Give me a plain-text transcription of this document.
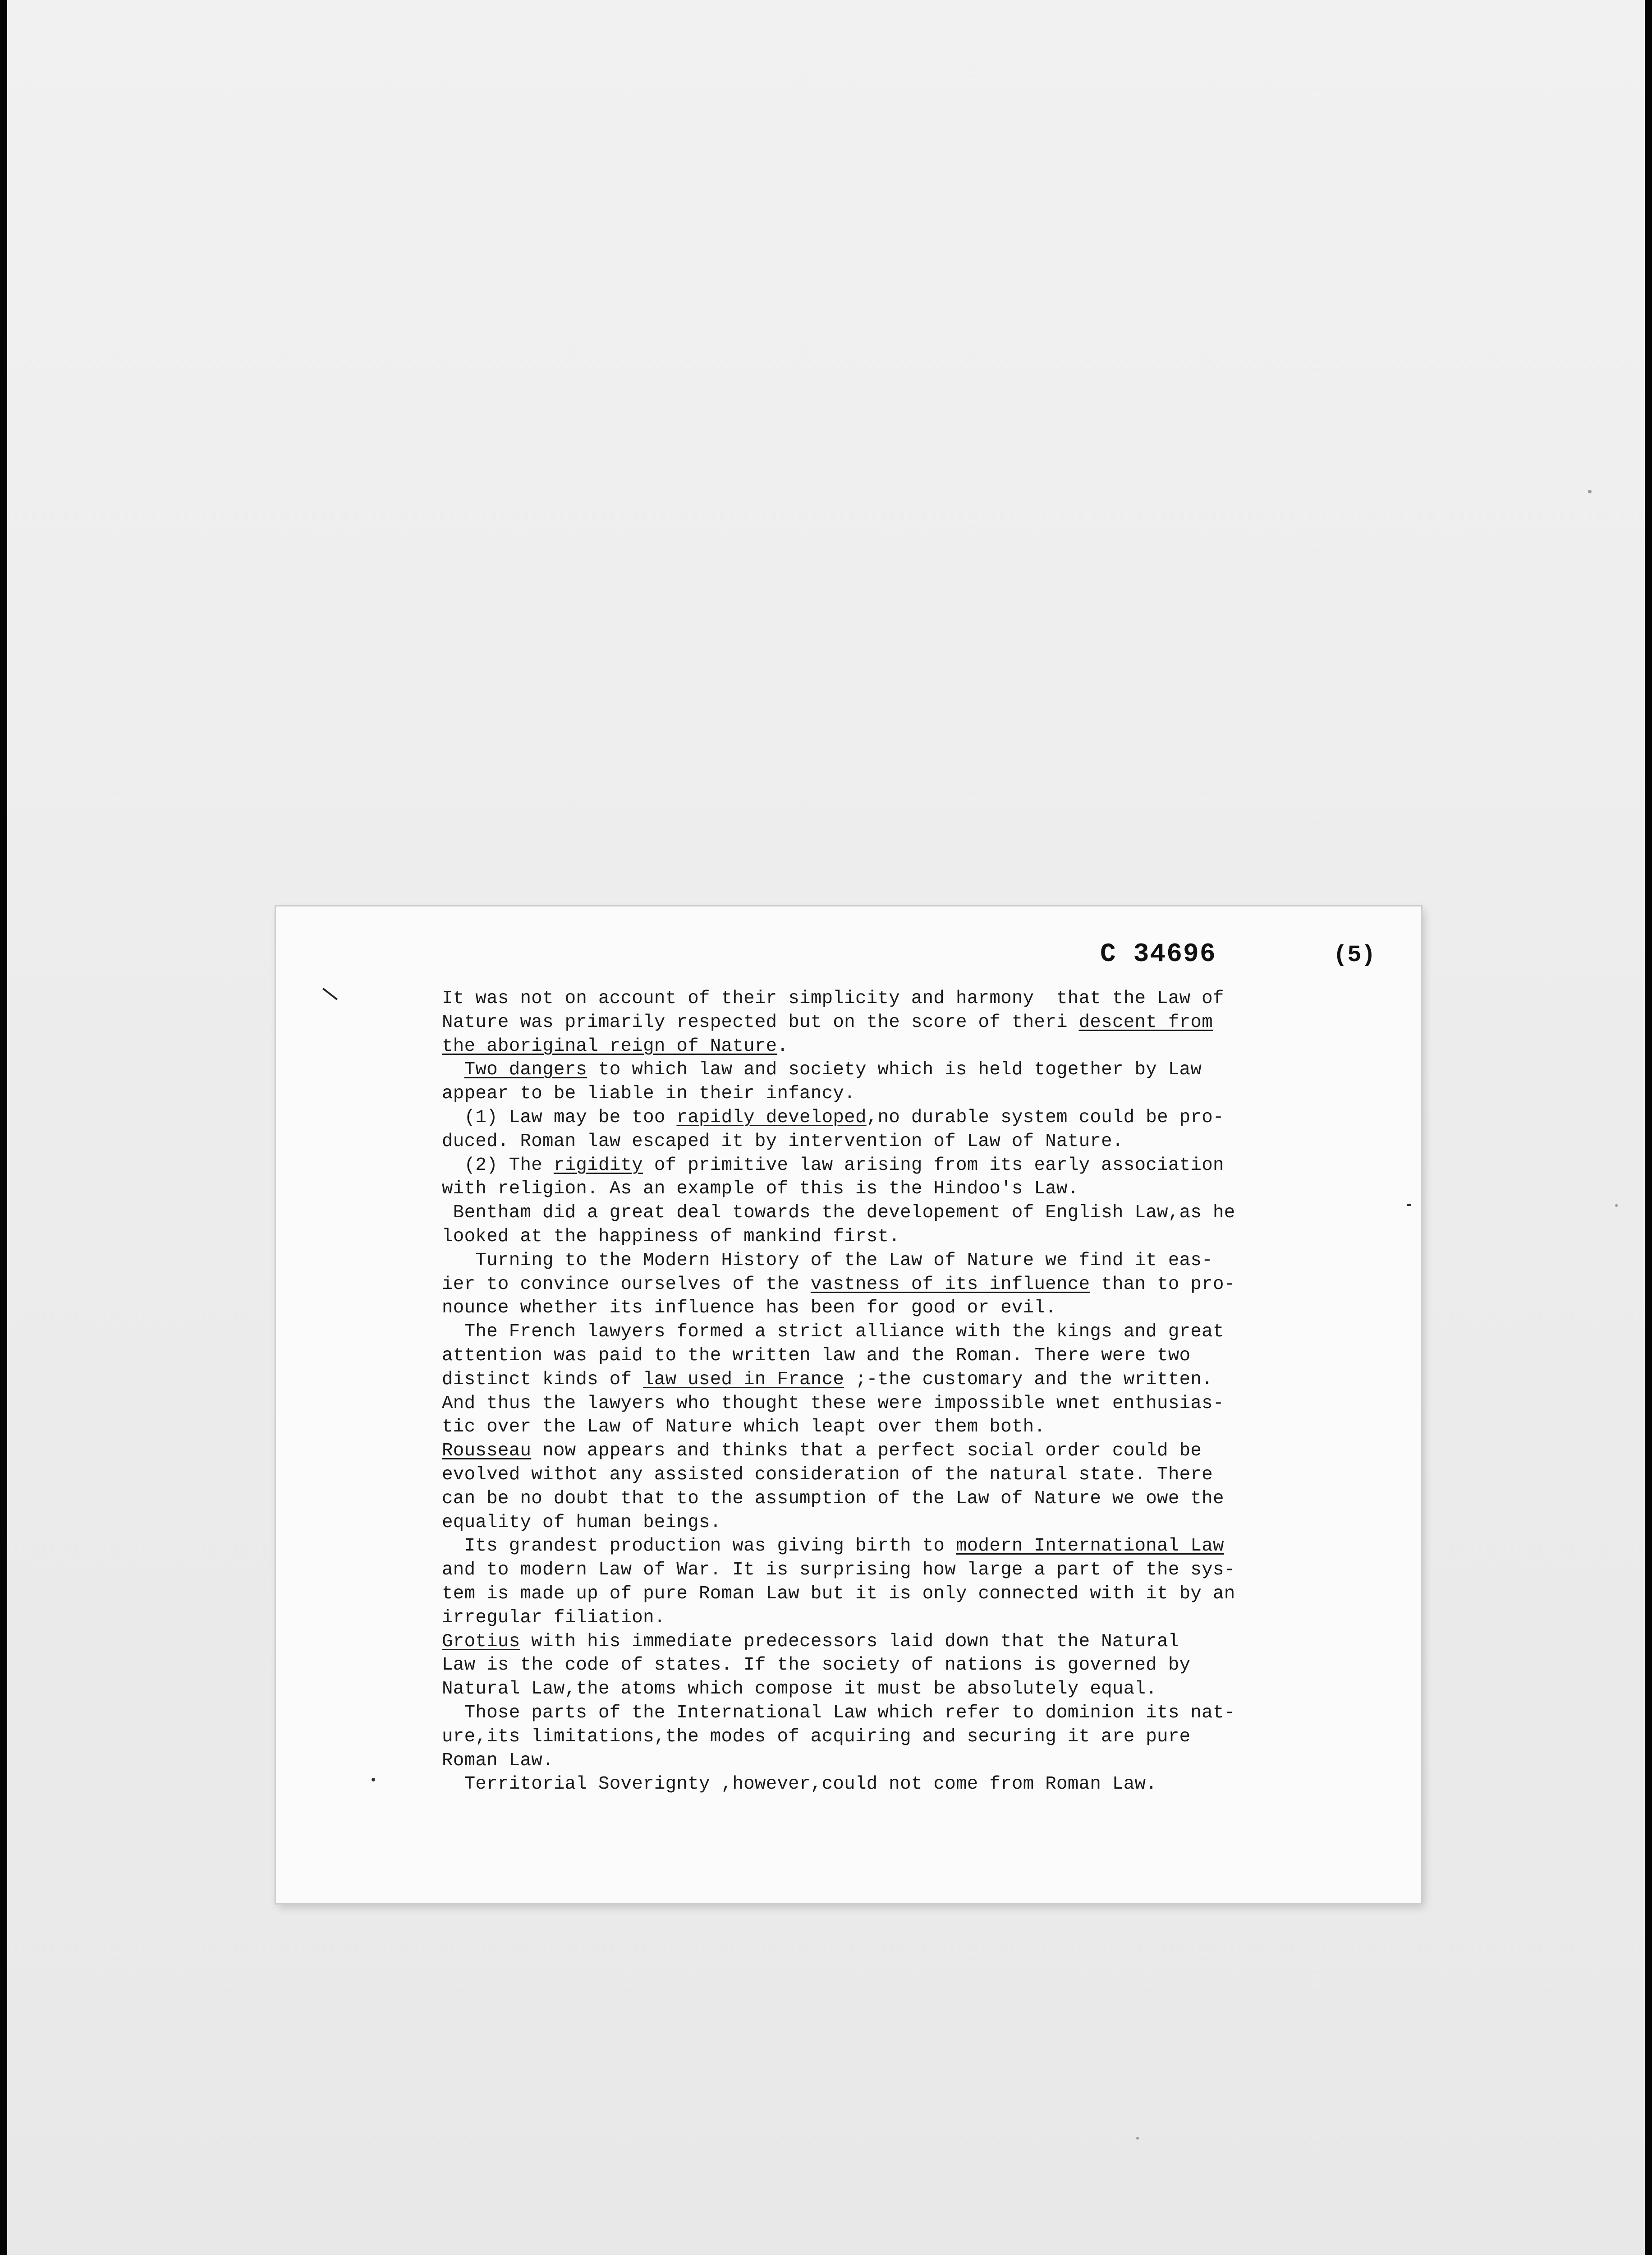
C 34696	(5)
It was not on account of their simplicity and harmony  that the Law of
Nature was primarily respected but on the score of theri descent from
the aboriginal reign of Nature.
Two dangers to which law and society which is held together by Law
appear to be liable in their infancy.
(1) Law may be too rapidly developed,no durable system could be pro-
duced. Roman law escaped it by intervention of Law of Nature.
(2) The rigidity of primitive law arising from its early association
with religion. As an example of this is the Hindoo's Law.
Bentham did a great deal towards the developement of English Law,as he
looked at the happiness of mankind first.
Turning to the Modern History of the Law of Nature we find it eas-
ier to convince ourselves of the vastness of its influence than to pro-
nounce whether its influence has been for good or evil.
The French lawyers formed a strict alliance with the kings and great
attention was paid to the written law and the Roman. There were two
distinct kinds of law used in France ;-the customary and the written.
And thus the lawyers who thought these were impossible wnet enthusias-
tic over the Law of Nature which leapt over them both.
Rousseau now appears and thinks that a perfect social order could be
evolved withot any assisted consideration of the natural state. There
can be no doubt that to the assumption of the Law of Nature we owe the
equality of human beings.
Its grandest production was giving birth to modern International Law
and to modern Law of War. It is surprising how large a part of the sys-
tem is made up of pure Roman Law but it is only connected with it by an
irregular filiation.
Grotius with his immediate predecessors laid down that the Natural
Law is the code of states. If the society of nations is governed by
Natural Law,the atoms which compose it must be absolutely equal.
Those parts of the International Law which refer to dominion its nat-
ure,its limitations,the modes of acquiring and securing it are pure
Roman Law.
Territorial Soverignty ,however,could not come from Roman Law.
